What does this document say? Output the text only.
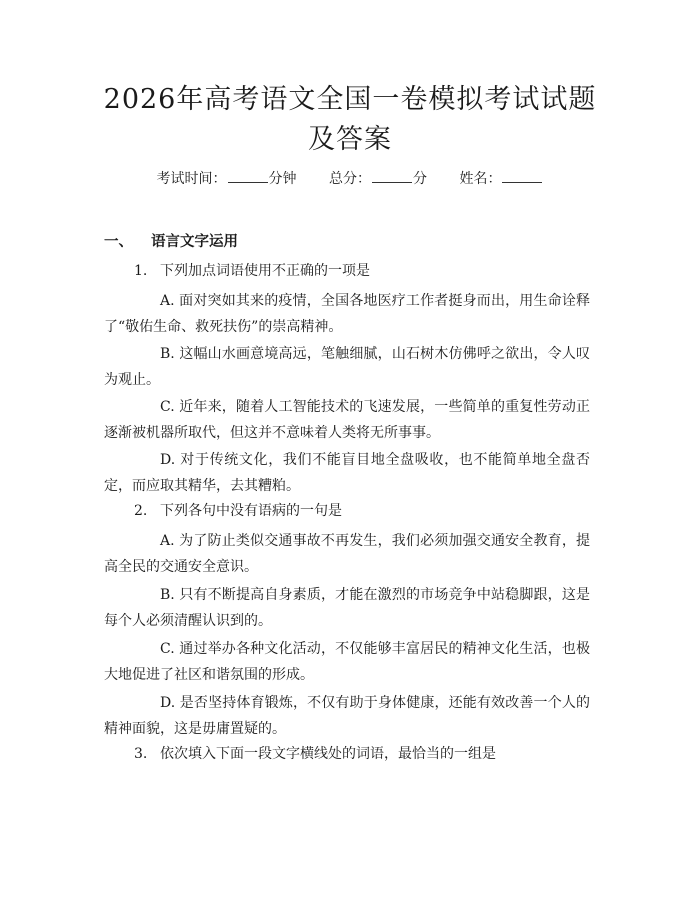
2026年高考语文全国一卷模拟考试试题及答案
考试时间：	分钟 总分：	分 姓名：
一、 语言文字运用
1. 下列加点词语使用不正确的一项是
A. 面对突如其来的疫情，全国各地医疗工作者挺身而出，用生命诠释了“敬佑生命、救死扶伤”的崇高精神。
B. 这幅山水画意境高远，笔触细腻，山石树木仿佛呼之欲出，令人叹为观止。
C. 近年来，随着人工智能技术的飞速发展，一些简单的重复性劳动正逐渐被机器所取代，但这并不意味着人类将无所事事。
D. 对于传统文化，我们不能盲目地全盘吸收，也不能简单地全盘否定，而应取其精华，去其糟粕。
2. 下列各句中没有语病的一句是
A. 为了防止类似交通事故不再发生，我们必须加强交通安全教育，提高全民的交通安全意识。
B. 只有不断提高自身素质，才能在激烈的市场竞争中站稳脚跟，这是每个人必须清醒认识到的。
C. 通过举办各种文化活动，不仅能够丰富居民的精神文化生活，也极大地促进了社区和谐氛围的形成。
D. 是否坚持体育锻炼，不仅有助于身体健康，还能有效改善一个人的精神面貌，这是毋庸置疑的。
3. 依次填入下面一段文字横线处的词语，最恰当的一组是
